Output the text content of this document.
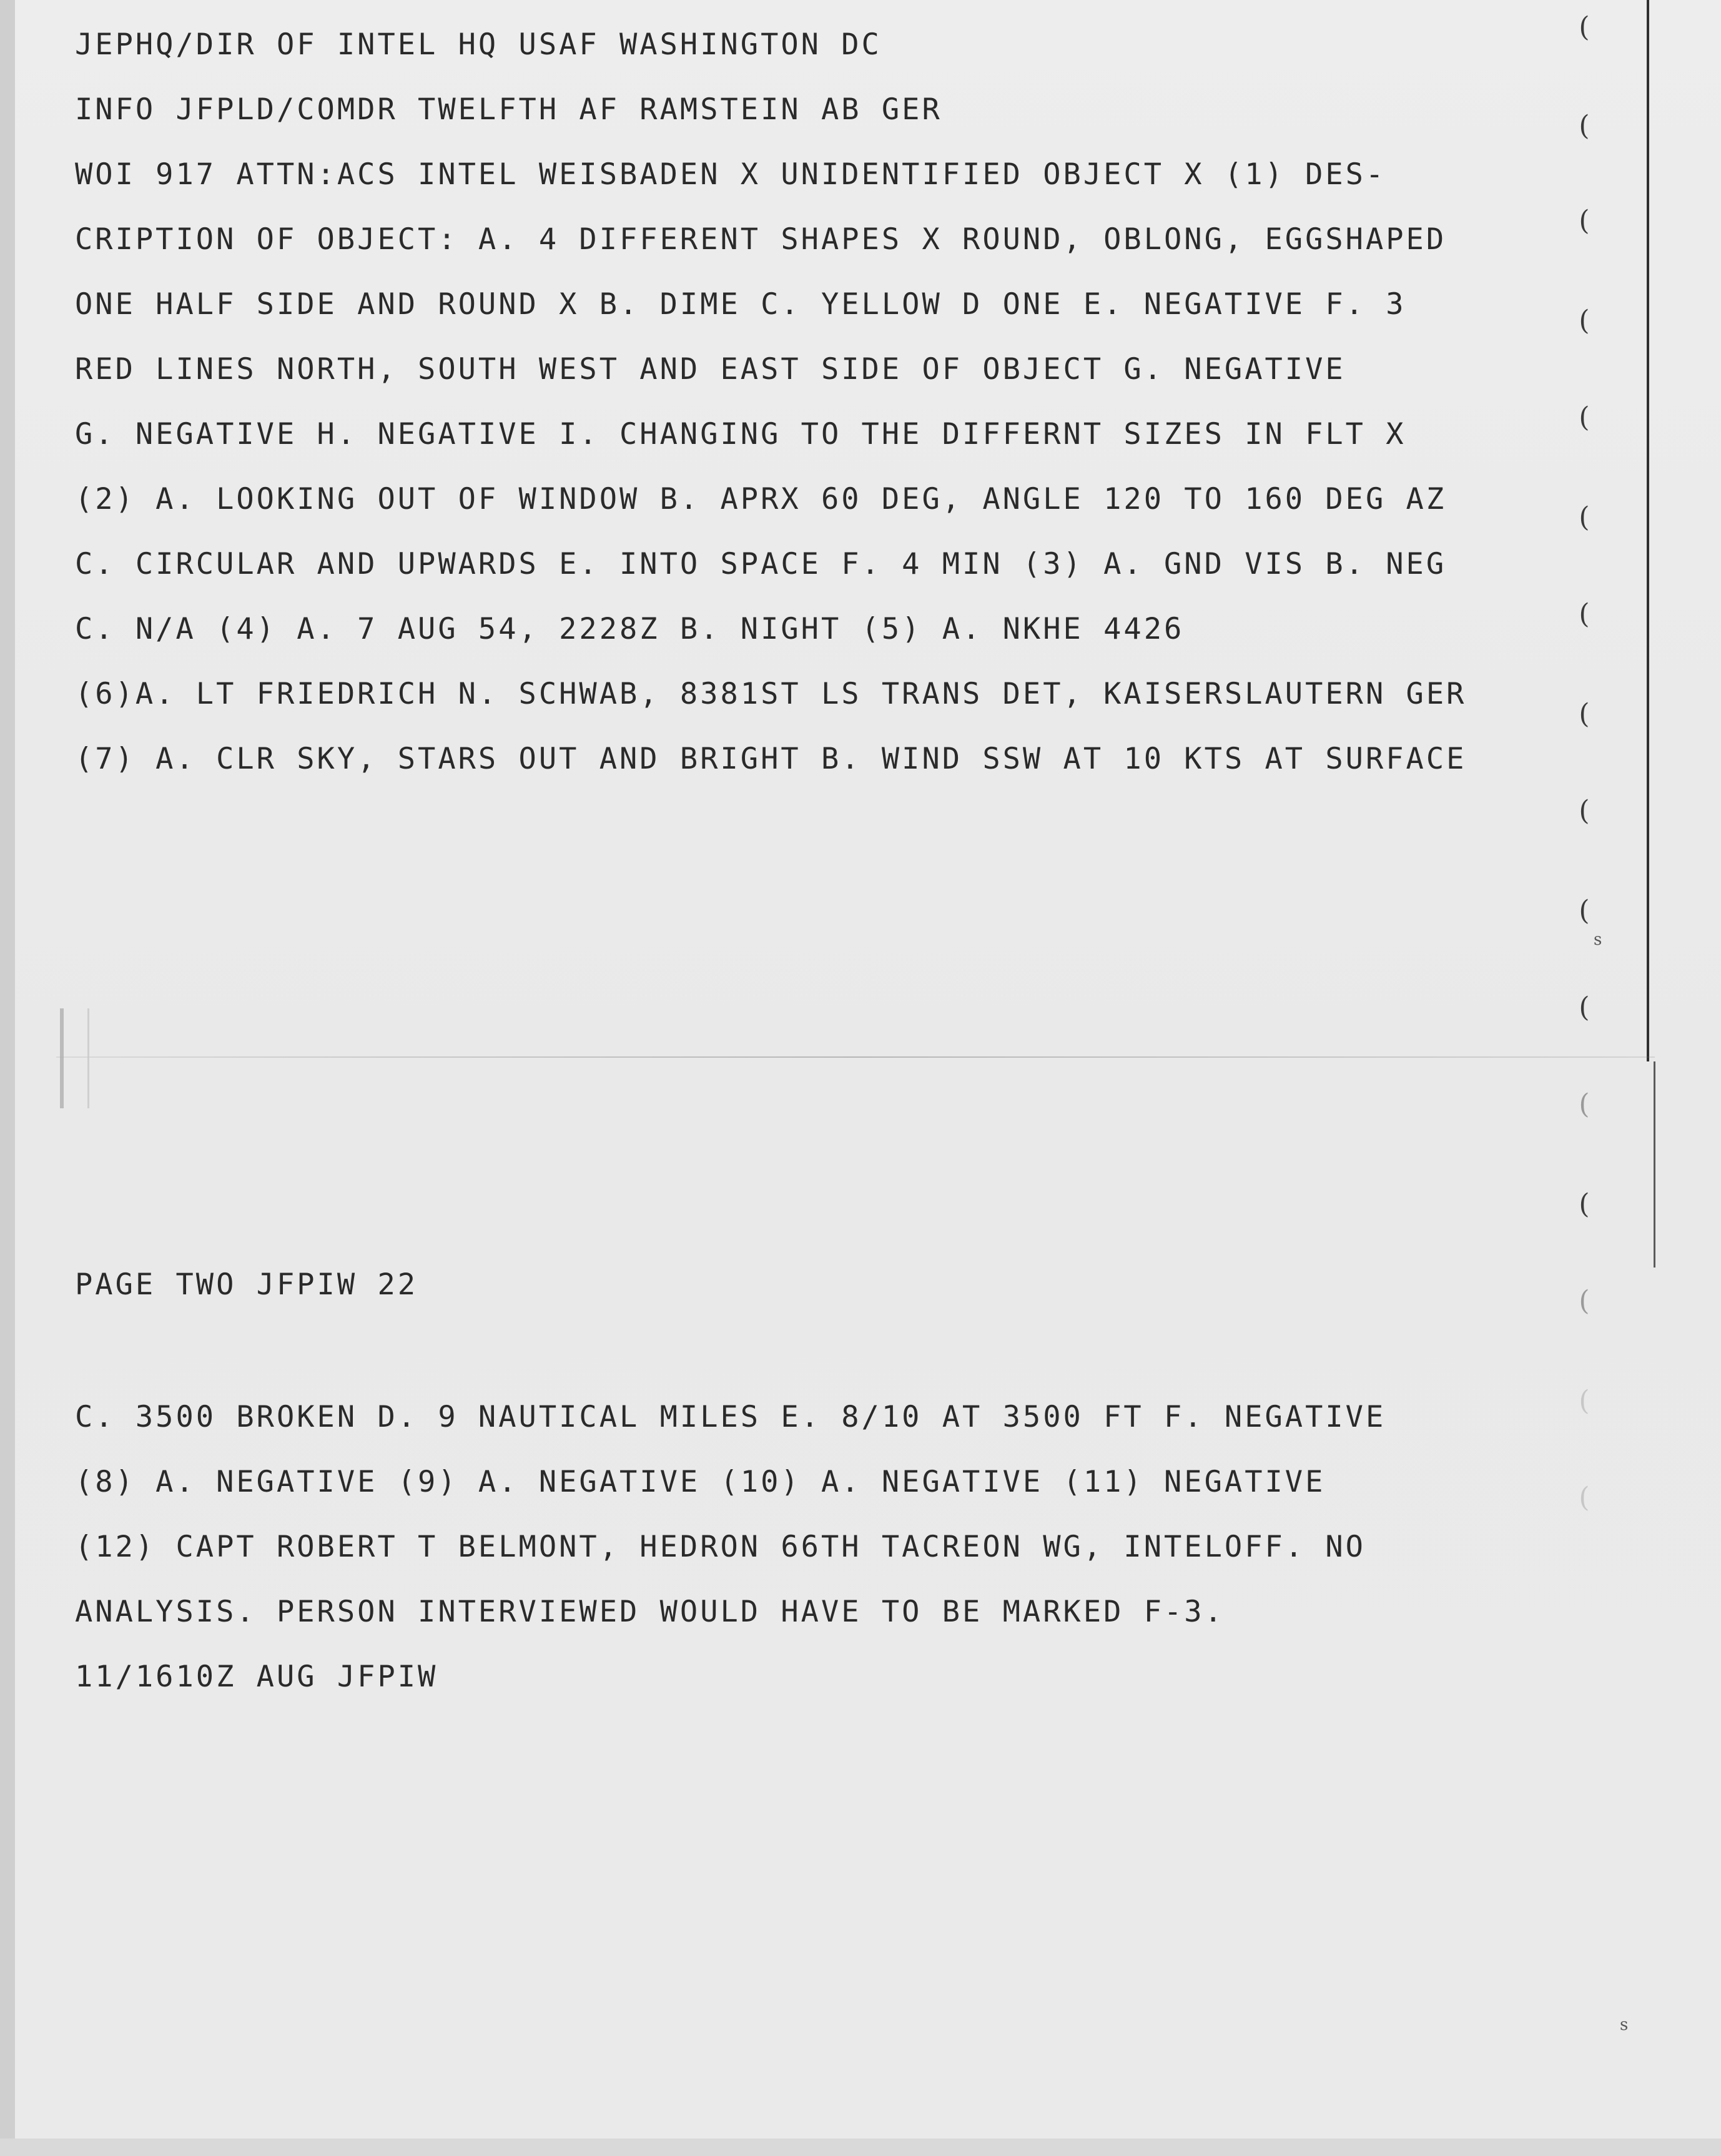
JEPHQ/DIR OF INTEL HQ USAF WASHINGTON DC
INFO JFPLD/COMDR TWELFTH AF RAMSTEIN AB GER
WOI 917 ATTN:ACS INTEL WEISBADEN X UNIDENTIFIED OBJECT X (1) DES-
CRIPTION OF OBJECT: A. 4 DIFFERENT SHAPES X ROUND, OBLONG, EGGSHAPED
ONE HALF SIDE AND ROUND X B. DIME C. YELLOW D ONE E. NEGATIVE F. 3
RED LINES NORTH, SOUTH WEST AND EAST SIDE OF OBJECT G. NEGATIVE
G. NEGATIVE H. NEGATIVE I. CHANGING TO THE DIFFERNT SIZES IN FLT X
(2) A. LOOKING OUT OF WINDOW B. APRX 60 DEG, ANGLE 120 TO 160 DEG AZ
C. CIRCULAR AND UPWARDS E. INTO SPACE F. 4 MIN (3) A. GND VIS B. NEG
C. N/A (4) A. 7 AUG 54, 2228Z B. NIGHT (5) A. NKHE 4426
(6)A. LT FRIEDRICH N. SCHWAB, 8381ST LS TRANS DET, KAISERSLAUTERN GER
(7) A. CLR SKY, STARS OUT AND BRIGHT B. WIND SSW AT 10 KTS AT SURFACE
PAGE TWO JFPIW 22
C. 3500 BROKEN D. 9 NAUTICAL MILES E. 8/10 AT 3500 FT F. NEGATIVE
(8) A. NEGATIVE (9) A. NEGATIVE (10) A. NEGATIVE (11) NEGATIVE
(12) CAPT ROBERT T BELMONT, HEDRON 66TH TACREON WG, INTELOFF. NO
ANALYSIS. PERSON INTERVIEWED WOULD HAVE TO BE MARKED F-3.
11/1610Z AUG JFPIW
(
(
(
(
(
(
(
(
(
(
(
(
(
(
(
(
s
s
